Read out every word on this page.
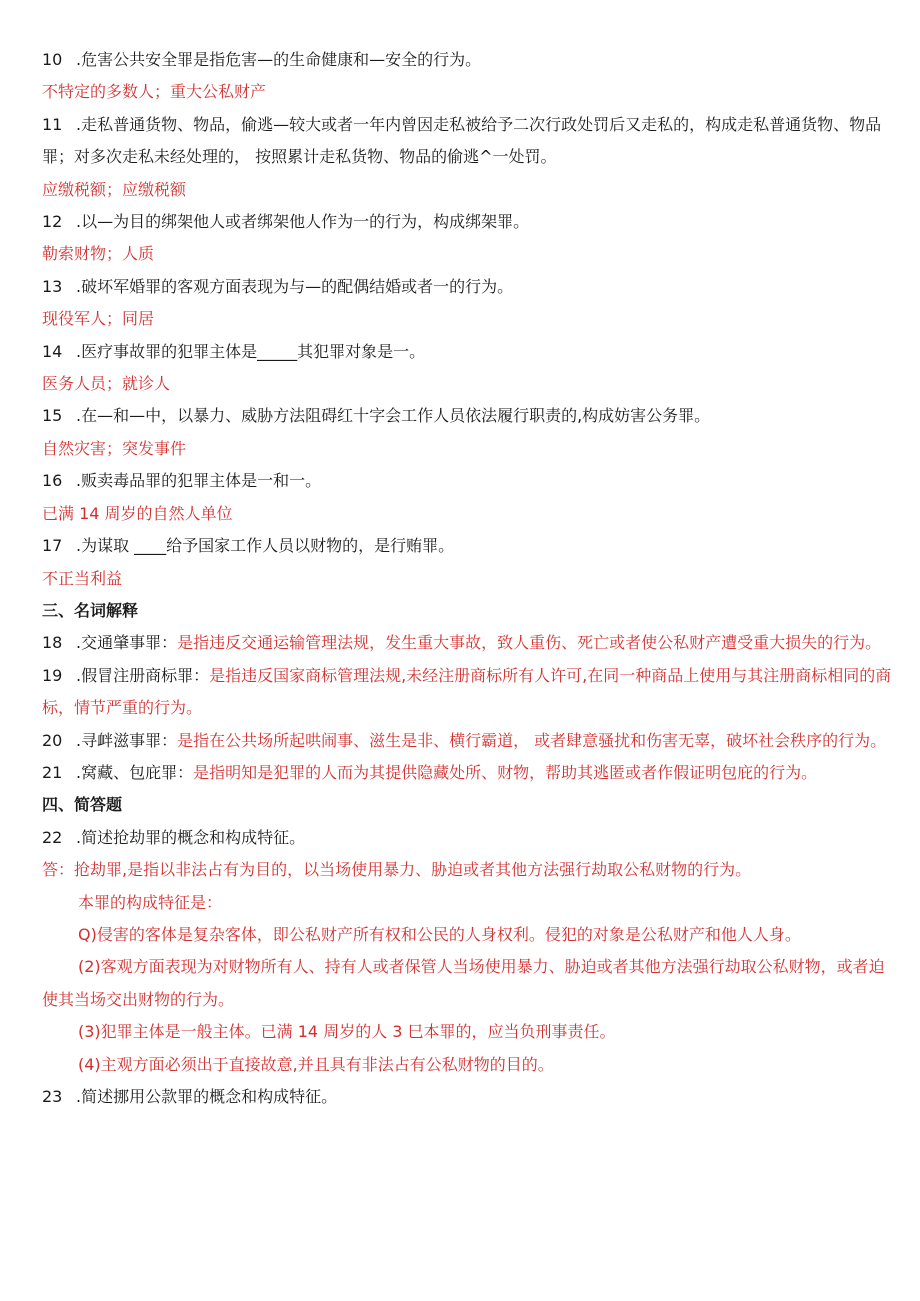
10 .危害公共安全罪是指危害—的生命健康和—安全的行为。
不特定的多数人；重大公私财产
11 .走私普通货物、物品，偷逃—较大或者一年内曾因走私被给予二次行政处罚后又走私的，构成走私普通货物、物品罪；对多次走私未经处理的， 按照累计走私货物、物品的偷逃^一处罚。
应缴税额；应缴税额
12 .以—为目的绑架他人或者绑架他人作为一的行为，构成绑架罪。
勒索财物；人质
13 .破坏军婚罪的客观方面表现为与—的配偶结婚或者一的行为。
现役军人；同居
14 .医疗事故罪的犯罪主体是_____其犯罪对象是一。
医务人员；就诊人
15 .在—和—中，以暴力、威胁方法阻碍红十字会工作人员依法履行职责的,构成妨害公务罪。
自然灾害；突发事件
16 .贩卖毒品罪的犯罪主体是一和一。
已满 14 周岁的自然人单位
17 .为谋取 ____给予国家工作人员以财物的，是行贿罪。
不正当利益
三、名词解释
18 .交通肇事罪：是指违反交通运输管理法规，发生重大事故，致人重伤、死亡或者使公私财产遭受重大损失的行为。
19 .假冒注册商标罪：是指违反国家商标管理法规,未经注册商标所有人许可,在同一种商品上使用与其注册商标相同的商标，情节严重的行为。
20 .寻衅滋事罪：是指在公共场所起哄闹事、滋生是非、横行霸道， 或者肆意骚扰和伤害无辜，破坏社会秩序的行为。
21 .窝藏、包庇罪：是指明知是犯罪的人而为其提供隐藏处所、财物，帮助其逃匿或者作假证明包庇的行为。
四、简答题
22 .简述抢劫罪的概念和构成特征。
答：抢劫罪,是指以非法占有为目的，以当场使用暴力、胁迫或者其他方法强行劫取公私财物的行为。
本罪的构成特征是：
Q)侵害的客体是复杂客体，即公私财产所有权和公民的人身权利。侵犯的对象是公私财产和他人人身。
(2)客观方面表现为对财物所有人、持有人或者保管人当场使用暴力、胁迫或者其他方法强行劫取公私财物，或者迫使其当场交出财物的行为。
(3)犯罪主体是一般主体。已满 14 周岁的人 3 巳本罪的，应当负刑事责任。
(4)主观方面必须出于直接故意,并且具有非法占有公私财物的目的。
23 .简述挪用公款罪的概念和构成特征。
